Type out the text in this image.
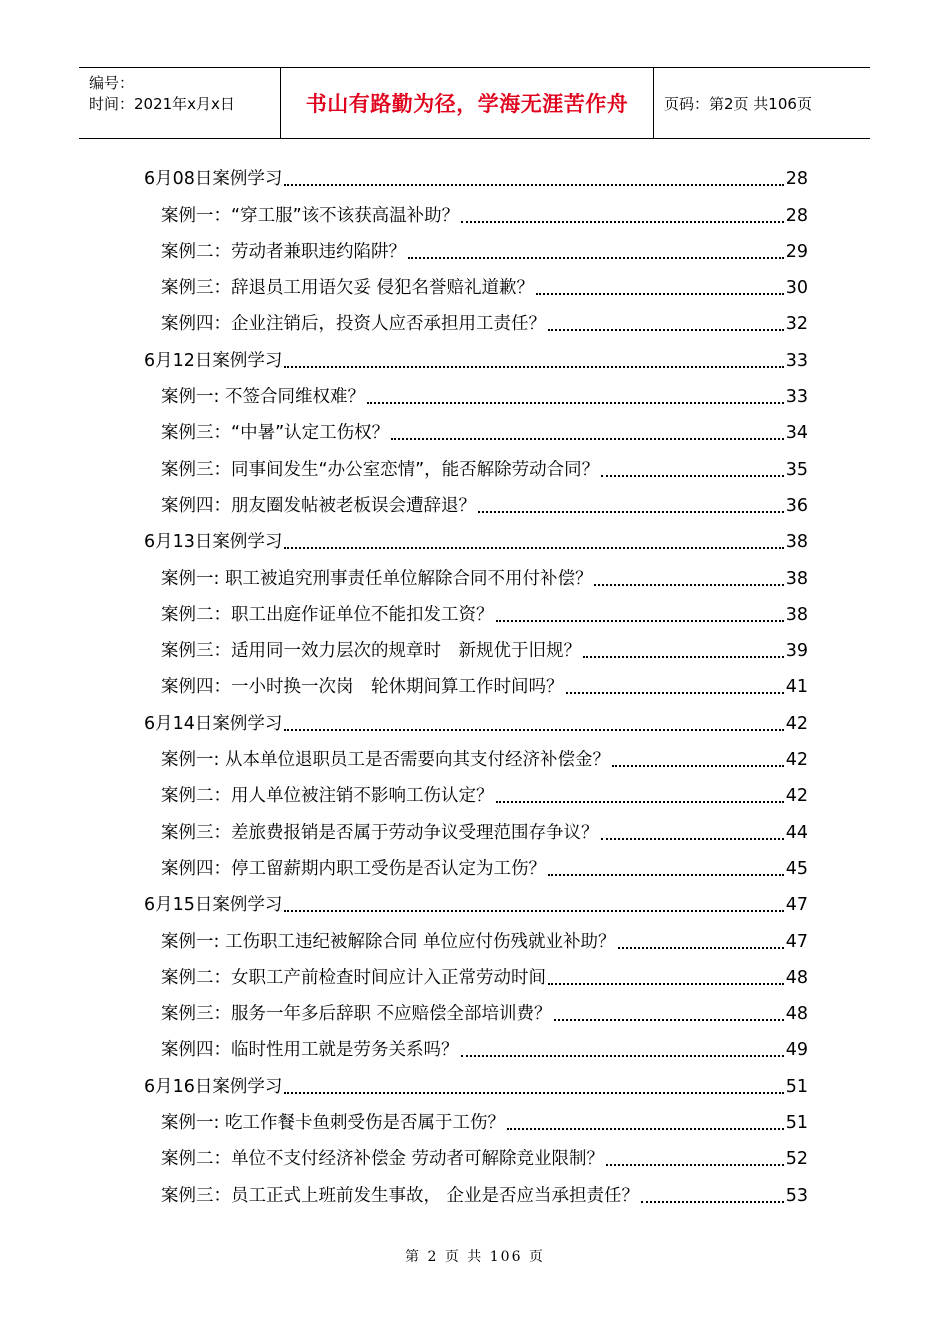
编号：
时间：2021年x月x日	书山有路勤为径，学海无涯苦作舟	页码：第2页 共106页
6月08日案例学习	28
案例一：“穿工服”该不该获高温补助？	28
案例二：劳动者兼职违约陷阱？	29
案例三：辞退员工用语欠妥 侵犯名誉赔礼道歉？	30
案例四：企业注销后，投资人应否承担用工责任？	32
6月12日案例学习	33
案例一: 不签合同维权难？	33
案例三：“中暑”认定工伤权？	34
案例三：同事间发生“办公室恋情”，能否解除劳动合同？	35
案例四：朋友圈发帖被老板误会遭辞退？	36
6月13日案例学习	38
案例一: 职工被追究刑事责任单位解除合同不用付补偿？	38
案例二：职工出庭作证单位不能扣发工资？	38
案例三：适用同一效力层次的规章时　新规优于旧规？	39
案例四：一小时换一次岗　轮休期间算工作时间吗？	41
6月14日案例学习	42
案例一: 从本单位退职员工是否需要向其支付经济补偿金？	42
案例二：用人单位被注销不影响工伤认定？	42
案例三：差旅费报销是否属于劳动争议受理范围存争议？	44
案例四：停工留薪期内职工受伤是否认定为工伤？	45
6月15日案例学习	47
案例一: 工伤职工违纪被解除合同 单位应付伤残就业补助？	47
案例二：女职工产前检查时间应计入正常劳动时间	48
案例三：服务一年多后辞职 不应赔偿全部培训费？	48
案例四：临时性用工就是劳务关系吗？	49
6月16日案例学习	51
案例一: 吃工作餐卡鱼刺受伤是否属于工伤？	51
案例二：单位不支付经济补偿金 劳动者可解除竞业限制？	52
案例三：员工正式上班前发生事故， 企业是否应当承担责任？	53
第 2 页 共 106 页
